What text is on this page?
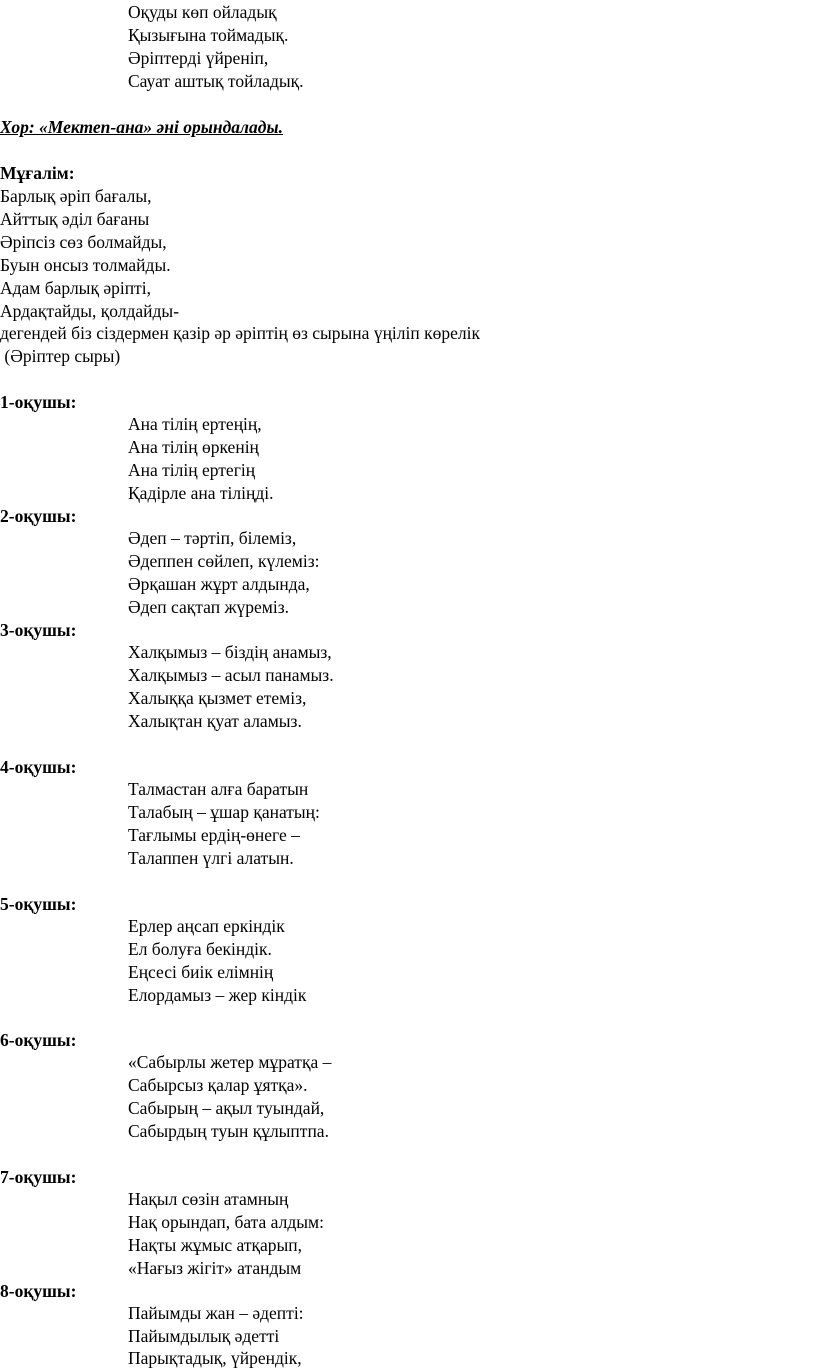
Оқуды көп ойладық
Қызығына тоймадық.
Әріптерді үйреніп,
Сауат аштық тойладық.
Хор: «Мектеп-ана» әні орындалады.
Мұғалім:
Барлық әріп бағалы,
Айттық әділ бағаны
Әріпсіз сөз болмайды,
Буын онсыз толмайды.
Адам барлық әріпті,
Ардақтайды, қолдайды-
дегендей біз сіздермен қазір әр әріптің өз сырына үңіліп көрелік
(Әріптер сыры)
1-оқушы:
Ана тілің ертеңің,
Ана тілің өркенің
Ана тілің ертегің
Қадірле ана тіліңді.
2-оқушы:
Әдеп – тәртіп, білеміз,
Әдеппен сөйлеп, күлеміз:
Әрқашан жұрт алдында,
Әдеп сақтап жүреміз.
3-оқушы:
Халқымыз – біздің анамыз,
Халқымыз – асыл панамыз.
Халыққа қызмет етеміз,
Халықтан қуат аламыз.
4-оқушы:
Талмастан алға баратын
Талабың – ұшар қанатың:
Тағлымы ердің-өнеге –
Талаппен үлгі алатын.
5-оқушы:
Ерлер аңсап еркіндік
Ел болуға бекіндік.
Еңсесі биік елімнің
Елордамыз – жер кіндік
6-оқушы:
«Сабырлы жетер мұратқа –
Сабырсыз қалар ұятқа».
Сабырың – ақыл туындай,
Сабырдың туын құлыптпа.
7-оқушы:
Нақыл сөзін атамның
Нақ орындап, бата алдым:
Нақты жұмыс атқарып,
«Нағыз жігіт» атандым
8-оқушы:
Пайымды жан – әдепті:
Пайымдылық әдетті
Парықтадық, үйрендік,
